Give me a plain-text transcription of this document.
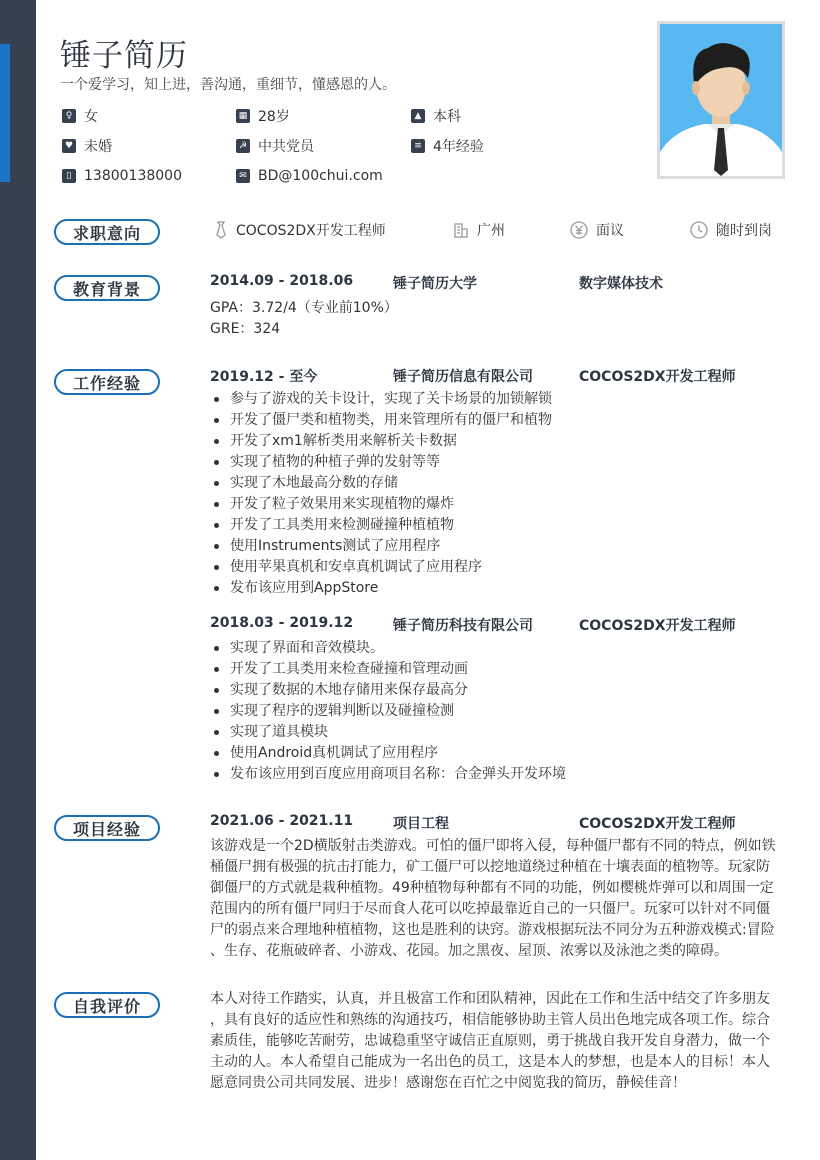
锤子简历
一个爱学习，知上进，善沟通，重细节，懂感恩的人。
♀ 女	▦ 28岁	▲ 本科
♥ 未婚	☭ 中共党员	≡ 4年经验
▯ 13800138000	✉ BD@100chui.com
求职意向	COCOS2DX开发工程师	广州	面议	随时到岗
教育背景	2014.09 - 2018.06	锤子简历大学	数字媒体技术
GPA：3.72/4（专业前10%）
GRE：324
工作经验	2019.12 - 至今	锤子简历信息有限公司	COCOS2DX开发工程师
参与了游戏的关卡设计，实现了关卡场景的加锁解锁
开发了僵尸类和植物类，用来管理所有的僵尸和植物
开发了xm1解析类用来解析关卡数据
实现了植物的种植子弹的发射等等
实现了木地最高分数的存储
开发了粒子效果用来实现植物的爆炸
开发了工具类用来检测碰撞种植植物
使用Instruments测试了应用程序
使用苹果真机和安卓真机调试了应用程序
发布该应用到AppStore
2018.03 - 2019.12	锤子简历科技有限公司	COCOS2DX开发工程师
实现了界面和音效模块。
开发了工具类用来检查碰撞和管理动画
实现了数据的木地存储用来保存最高分
实现了程序的逻辑判断以及碰撞检测
实现了道具模块
使用Android真机调试了应用程序
发布该应用到百度应用商项目名称：合金弹头开发环境
项目经验	2021.06 - 2021.11	项目工程	COCOS2DX开发工程师
该游戏是一个2D横版射击类游戏。可怕的僵尸即将入侵，每种僵尸都有不同的特点，例如铁
桶僵尸拥有极强的抗击打能力，矿工僵尸可以挖地道绕过种植在十壤表面的植物等。玩家防
御僵尸的方式就是栽种植物。49种植物每种都有不同的功能，例如樱桃炸弹可以和周围一定
范围内的所有僵尸同归于尽而食人花可以吃掉最靠近自己的一只僵尸。玩家可以针对不同僵
尸的弱点来合理地种植植物，这也是胜利的诀窍。游戏根据玩法不同分为五种游戏模式:冒险
、生存、花瓶破碎者、小游戏、花园。加之黑夜、屋顶、浓雾以及泳池之类的障碍。
自我评价	本人对待工作踏实，认真，并且极富工作和团队精神，因此在工作和生活中结交了许多朋友
，具有良好的适应性和熟练的沟通技巧，相信能够协助主管人员出色地完成各项工作。综合
素质佳，能够吃苦耐劳，忠诚稳重坚守诚信正直原则，勇于挑战自我开发自身潜力，做一个
主动的人。本人希望自己能成为一名出色的员工，这是本人的梦想，也是本人的目标！本人
愿意同贵公司共同发展、进步！感谢您在百忙之中阅览我的简历，静候佳音！
